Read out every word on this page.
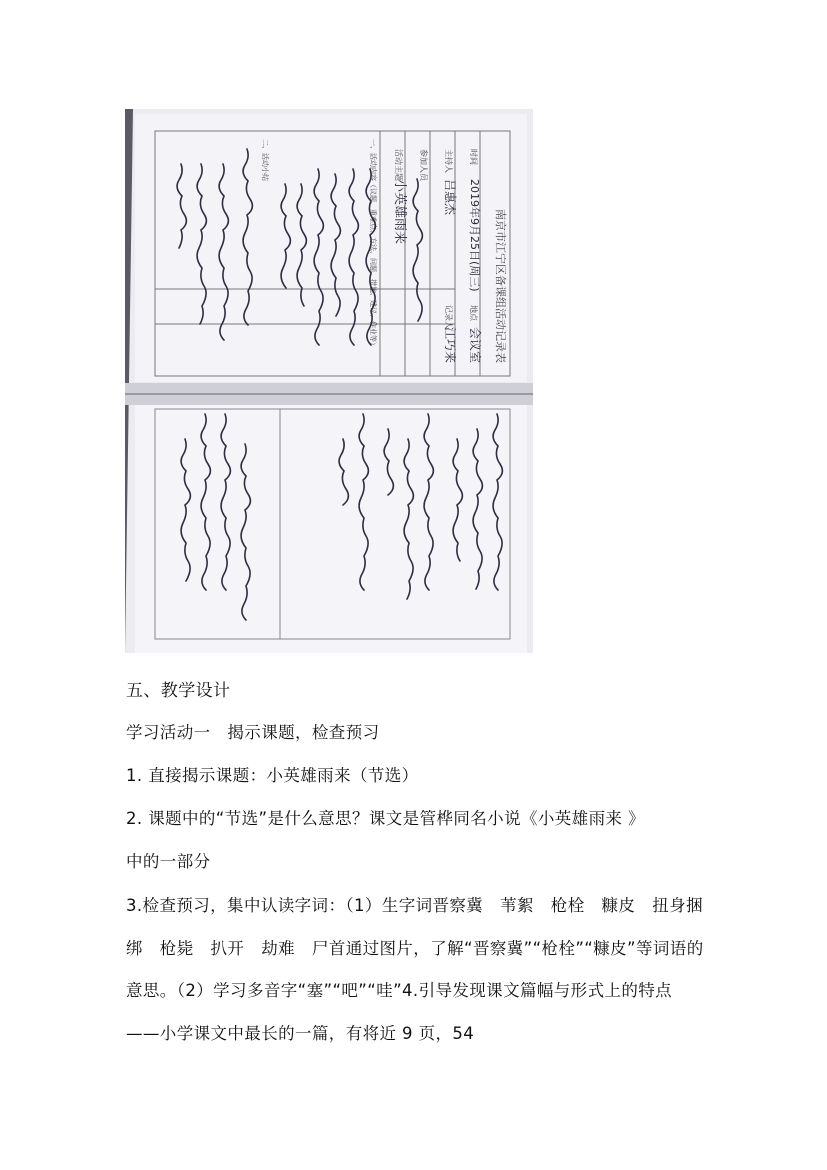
南京市江宁区备课组活动记录表
时间
地点
主持人
记录人
参加人员
活动主题
一、活动内容（议题、重难点、方法、问题、措施、建议、作业等）
二、活动小结
2019年9月25日(周三)
会议室
吕惠杰
江巧来
小英雄雨来
五、教学设计
学习活动一　揭示课题，检查预习
1. 直接揭示课题：小英雄雨来（节选）
2. 课题中的“节选”是什么意思？课文是管桦同名小说《小英雄雨来 》
中的一部分
3.检查预习，集中认读字词：（1）生字词晋察冀　苇絮　枪栓　糠皮　扭身捆绑　枪毙　扒开　劫难　尸首通过图片，了解“晋察冀”“枪栓”“糠皮”等词语的意思。（2）学习多音字“塞”“吧”“哇”4.引导发现课文篇幅与形式上的特点 ——小学课文中最长的一篇，有将近 9 页，54
